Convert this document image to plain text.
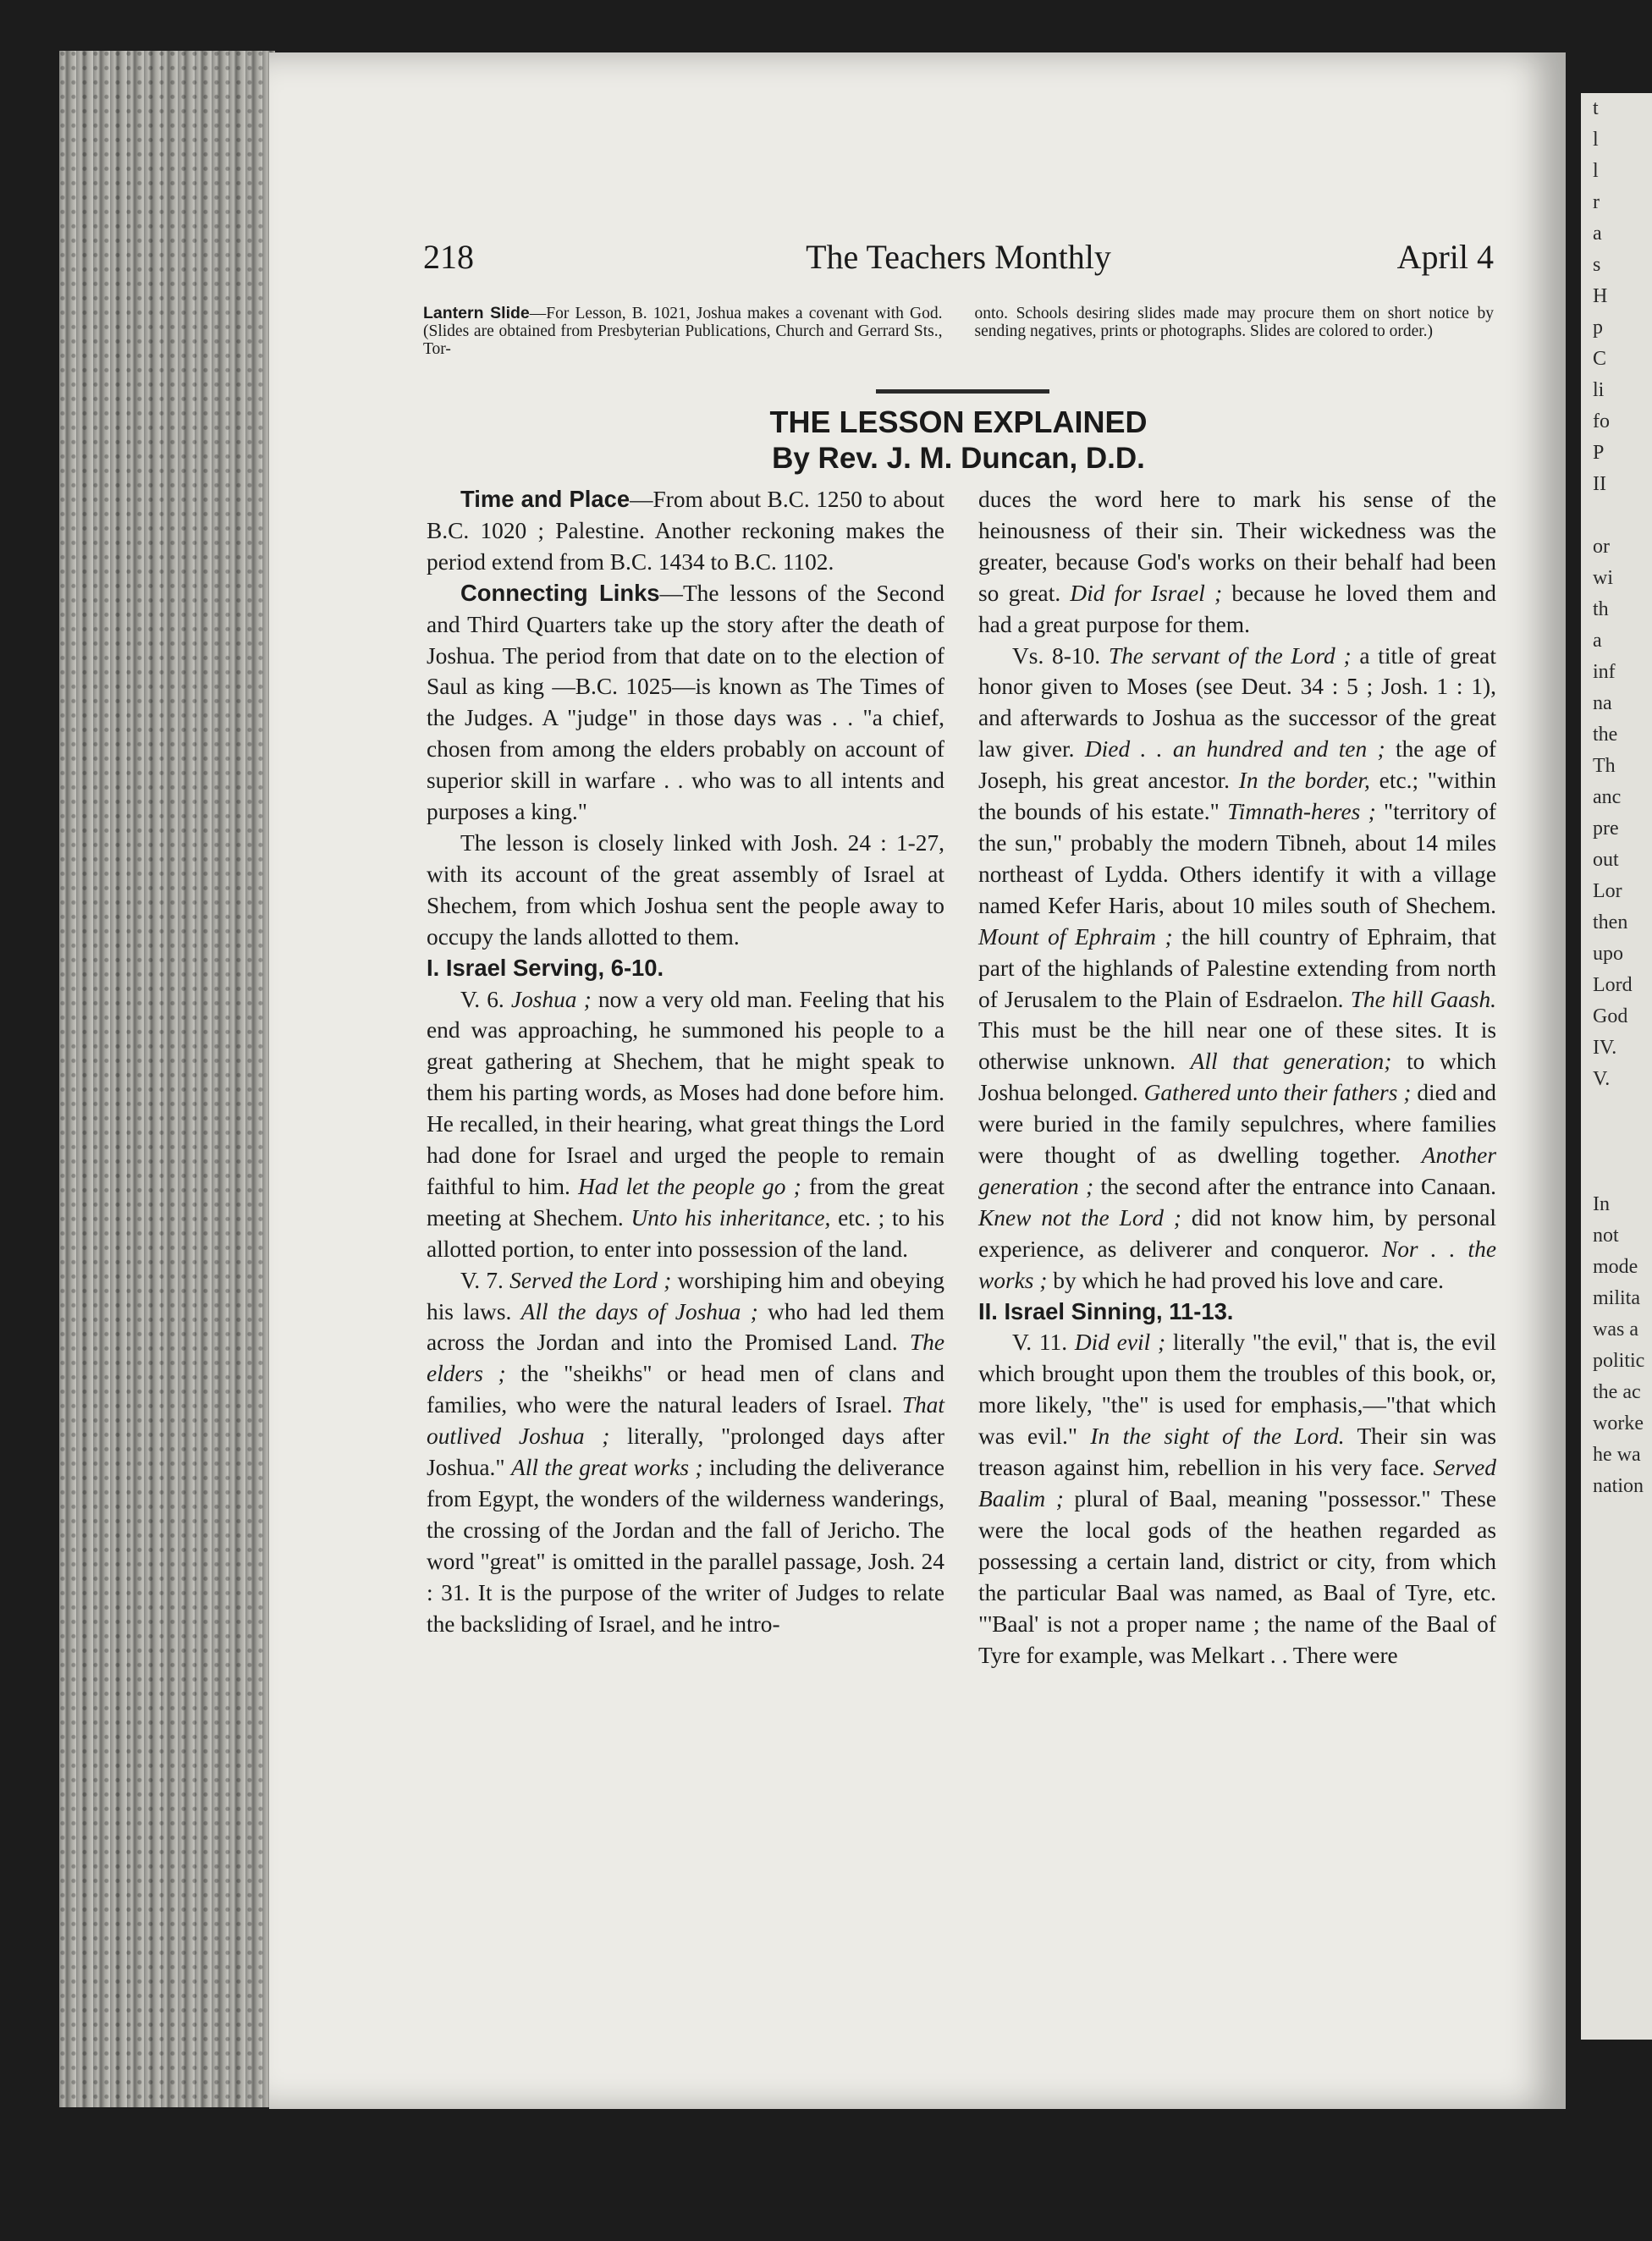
t
l
l
r
a
s
H
p
C
li
fo
P
II

or
wi
th
a
inf
na
the
Th
anc
pre
out
Lor
then
upo
Lord
God
IV.
V.

In
not
mode
milita
was a
politic
the ac
worke
he wa
nation
218	The Teachers Monthly	April 4
Lantern Slide—For Lesson, B. 1021, Joshua makes a covenant with God. (Slides are obtained from Presbyterian Publications, Church and Gerrard Sts., Tor-
onto. Schools desiring slides made may procure them on short notice by sending negatives, prints or photographs. Slides are colored to order.)
THE LESSON EXPLAINED
By Rev. J. M. Duncan, D.D.

Time and Place—From about B.C. 1250 to about B.C. 1020 ; Palestine. Another reckoning makes the period extend from B.C. 1434 to B.C. 1102.

Connecting Links—The lessons of the Second and Third Quarters take up the story after the death of Joshua. The period from that date on to the election of Saul as king —B.C. 1025—is known as The Times of the Judges. A "judge" in those days was . . "a chief, chosen from among the elders probably on account of superior skill in warfare . . who was to all intents and purposes a king."

The lesson is closely linked with Josh. 24 : 1-27, with its account of the great assembly of Israel at Shechem, from which Joshua sent the people away to occupy the lands allotted to them.

I. Israel Serving, 6-10.

V. 6. Joshua ; now a very old man. Feeling that his end was approaching, he summoned his people to a great gathering at Shechem, that he might speak to them his parting words, as Moses had done before him. He recalled, in their hearing, what great things the Lord had done for Israel and urged the people to remain faithful to him. Had let the people go ; from the great meeting at Shechem. Unto his inheritance, etc. ; to his allotted portion, to enter into possession of the land.

V. 7. Served the Lord ; worshiping him and obeying his laws. All the days of Joshua ; who had led them across the Jordan and into the Promised Land. The elders ; the "sheikhs" or head men of clans and families, who were the natural leaders of Israel. That outlived Joshua ; literally, "prolonged days after Joshua." All the great works ; including the deliverance from Egypt, the wonders of the wilderness wanderings, the crossing of the Jordan and the fall of Jericho. The word "great" is omitted in the parallel passage, Josh. 24 : 31. It is the purpose of the writer of Judges to relate the backsliding of Israel, and he intro-

duces the word here to mark his sense of the heinousness of their sin. Their wickedness was the greater, because God's works on their behalf had been so great. Did for Israel ; because he loved them and had a great purpose for them.

Vs. 8-10. The servant of the Lord ; a title of great honor given to Moses (see Deut. 34 : 5 ; Josh. 1 : 1), and afterwards to Joshua as the successor of the great law giver. Died . . an hundred and ten ; the age of Joseph, his great ancestor. In the border, etc.; "within the bounds of his estate." Timnath-heres ; "territory of the sun," probably the modern Tibneh, about 14 miles northeast of Lydda. Others identify it with a village named Kefer Haris, about 10 miles south of Shechem. Mount of Ephraim ; the hill country of Ephraim, that part of the highlands of Palestine extending from north of Jerusalem to the Plain of Esdraelon. The hill Gaash. This must be the hill near one of these sites. It is otherwise unknown. All that generation; to which Joshua belonged. Gathered unto their fathers ; died and were buried in the family sepulchres, where families were thought of as dwelling together. Another generation ; the second after the entrance into Canaan. Knew not the Lord ; did not know him, by personal experience, as deliverer and conqueror. Nor . . the works ; by which he had proved his love and care.

II. Israel Sinning, 11-13.

V. 11. Did evil ; literally "the evil," that is, the evil which brought upon them the troubles of this book, or, more likely, "the" is used for emphasis,—"that which was evil." In the sight of the Lord. Their sin was treason against him, rebellion in his very face. Served Baalim ; plural of Baal, meaning "possessor." These were the local gods of the heathen regarded as possessing a certain land, district or city, from which the particular Baal was named, as Baal of Tyre, etc. "'Baal' is not a proper name ; the name of the Baal of Tyre for example, was Melkart . . There were
